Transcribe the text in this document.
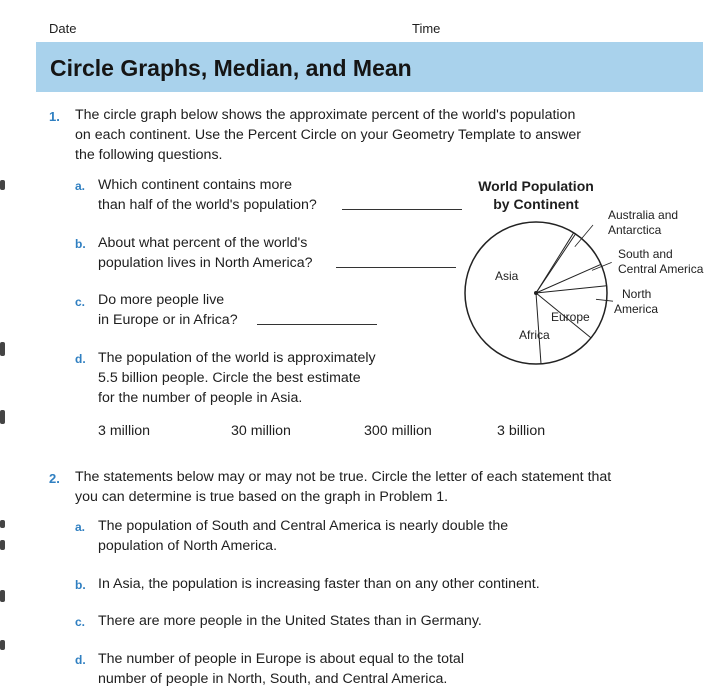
Date	Time
Circle Graphs, Median, and Mean
1. The circle graph below shows the approximate percent of the world's population
on each continent. Use the Percent Circle on your Geometry Template to answer
the following questions.
a. Which continent contains more
than half of the world's population?
b. About what percent of the world's
population lives in North America?
c. Do more people live
in Europe or in Africa?
d. The population of the world is approximately
5.5 billion people. Circle the best estimate
for the number of people in Asia.
3 million	30 million	300 million	3 billion
World Population
by Continent
Asia
Europe
Africa
Australia and
Antarctica
South and
Central America
North
America
2. The statements below may or may not be true. Circle the letter of each statement that
you can determine is true based on the graph in Problem 1.
a. The population of South and Central America is nearly double the
population of North America.
b. In Asia, the population is increasing faster than on any other continent.
c. There are more people in the United States than in Germany.
d. The number of people in Europe is about equal to the total
number of people in North, South, and Central America.
